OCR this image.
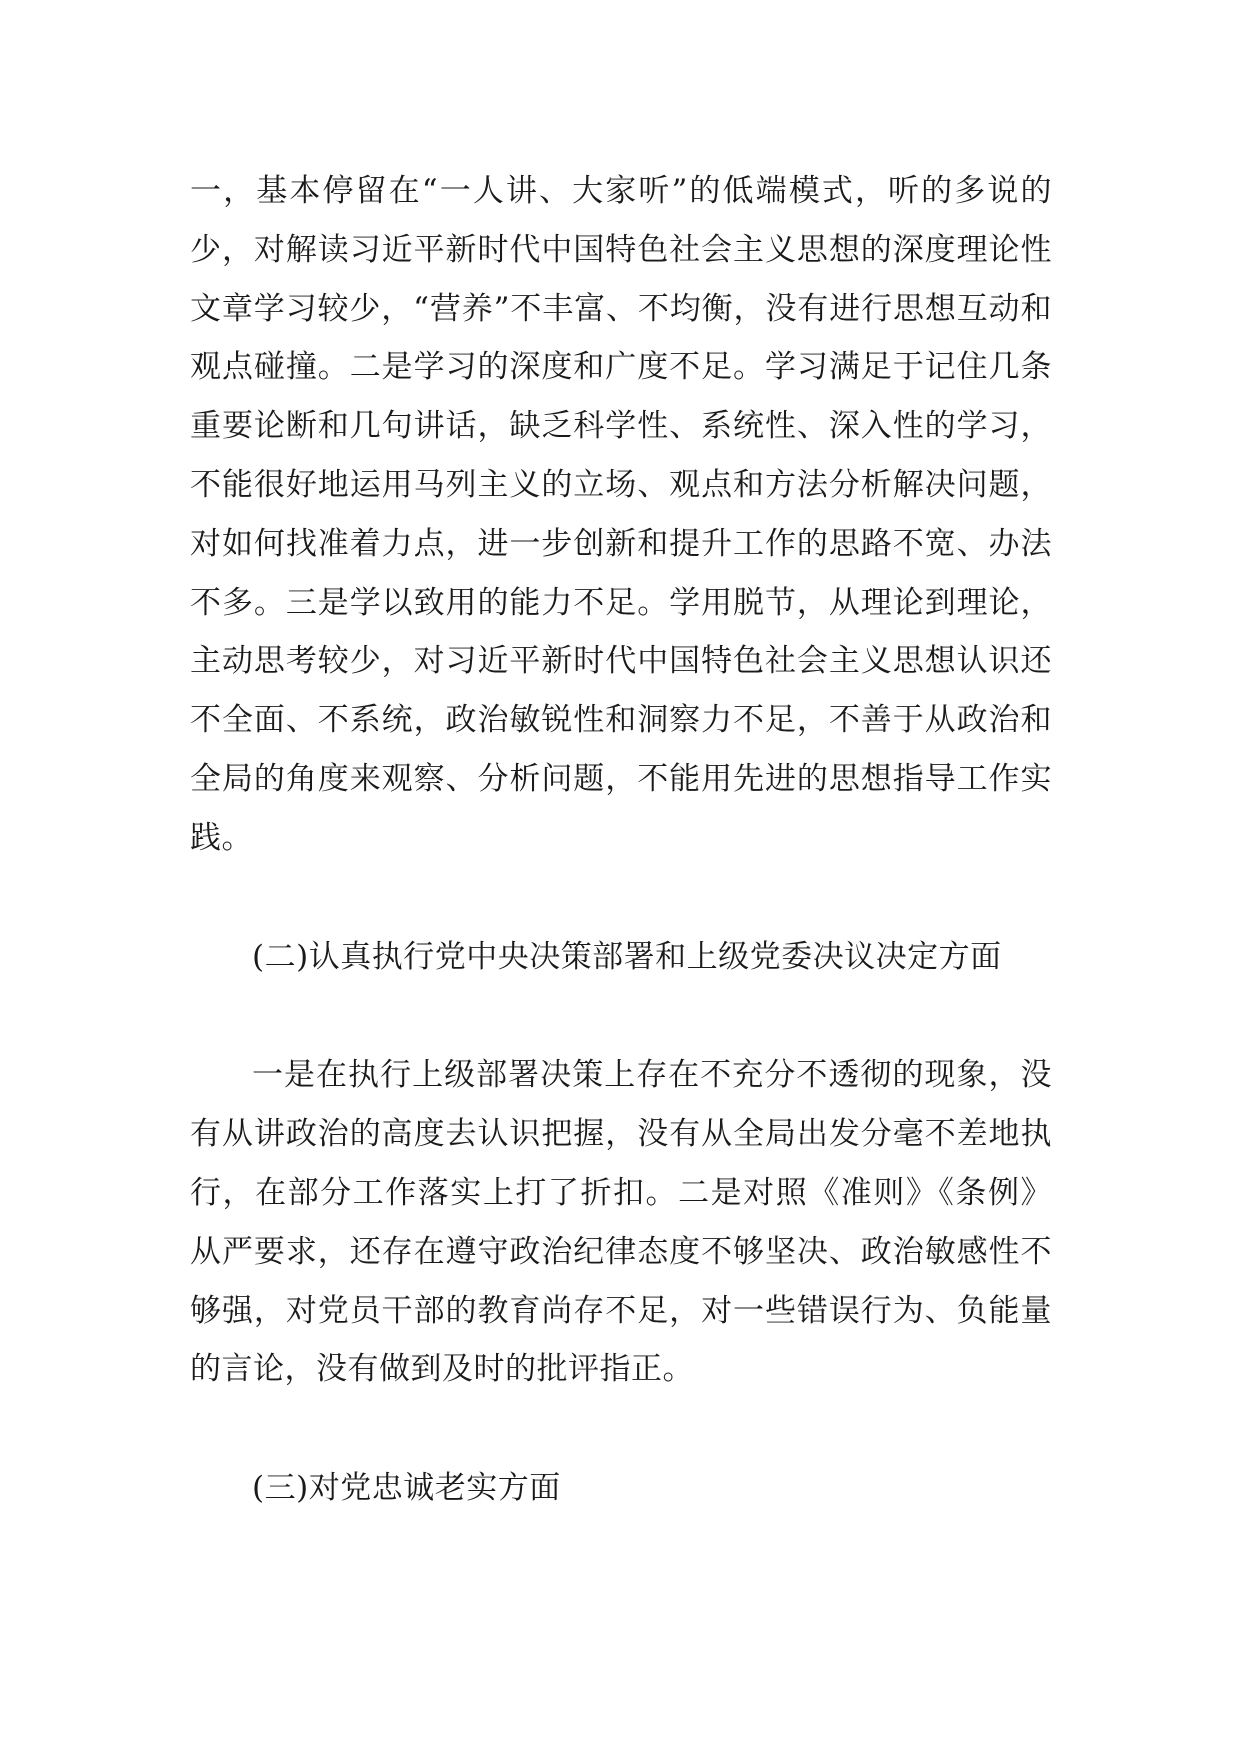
一，基本停留在“一人讲、大家听”的低端模式，听的多说的少，对解读习近平新时代中国特色社会主义思想的深度理论性文章学习较少，“营养”不丰富、不均衡，没有进行思想互动和观点碰撞。二是学习的深度和广度不足。学习满足于记住几条重要论断和几句讲话，缺乏科学性、系统性、深入性的学习，不能很好地运用马列主义的立场、观点和方法分析解决问题，对如何找准着力点，进一步创新和提升工作的思路不宽、办法不多。三是学以致用的能力不足。学用脱节，从理论到理论，主动思考较少，对习近平新时代中国特色社会主义思想认识还不全面、不系统，政治敏锐性和洞察力不足，不善于从政治和全局的角度来观察、分析问题，不能用先进的思想指导工作实践。

(二)认真执行党中央决策部署和上级党委决议决定方面

一是在执行上级部署决策上存在不充分不透彻的现象，没有从讲政治的高度去认识把握，没有从全局出发分毫不差地执行，在部分工作落实上打了折扣。二是对照《准则》《条例》从严要求，还存在遵守政治纪律态度不够坚决、政治敏感性不够强，对党员干部的教育尚存不足，对一些错误行为、负能量的言论，没有做到及时的批评指正。

(三)对党忠诚老实方面
